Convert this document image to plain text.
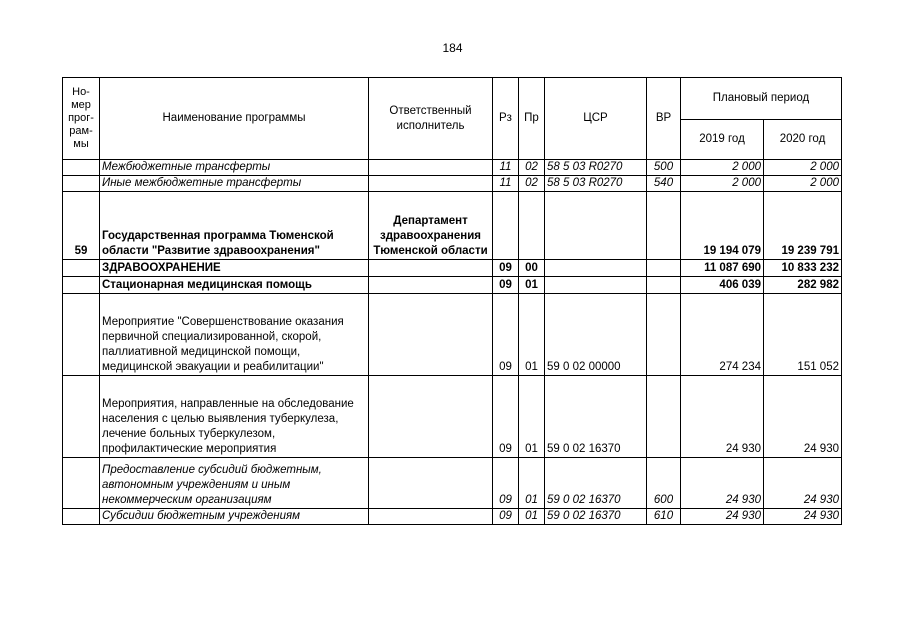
184
Но-мер прог-рам-мы	Наименование программы	Ответственный исполнитель	Рз	Пр	ЦСР	ВР	Плановый период	
							2019 год	2020 год
	Межбюджетные трансферты		11	02	58 5 03 R0270	500	2 000	2 000
	Иные межбюджетные трансферты		11	02	58 5 03 R0270	540	2 000	2 000
59	Государственная программа Тюменской области "Развитие здравоохранения"	Департамент здравоохранения Тюменской области					19 194 079	19 239 791
	ЗДРАВООХРАНЕНИЕ		09	00			11 087 690	10 833 232
	Стационарная медицинская помощь		09	01			406 039	282 982
	Мероприятие "Совершенствование оказания первичной специализированной, скорой, паллиативной медицинской помощи, медицинской эвакуации и реабилитации"		09	01	59 0 02 00000		274 234	151 052
	Мероприятия, направленные на обследование населения с целью выявления туберкулеза, лечение больных туберкулезом, профилактические мероприятия		09	01	59 0 02 16370		24 930	24 930
	Предоставление субсидий бюджетным, автономным учреждениям и иным некоммерческим организациям		09	01	59 0 02 16370	600	24 930	24 930
	Субсидии бюджетным учреждениям		09	01	59 0 02 16370	610	24 930	24 930
